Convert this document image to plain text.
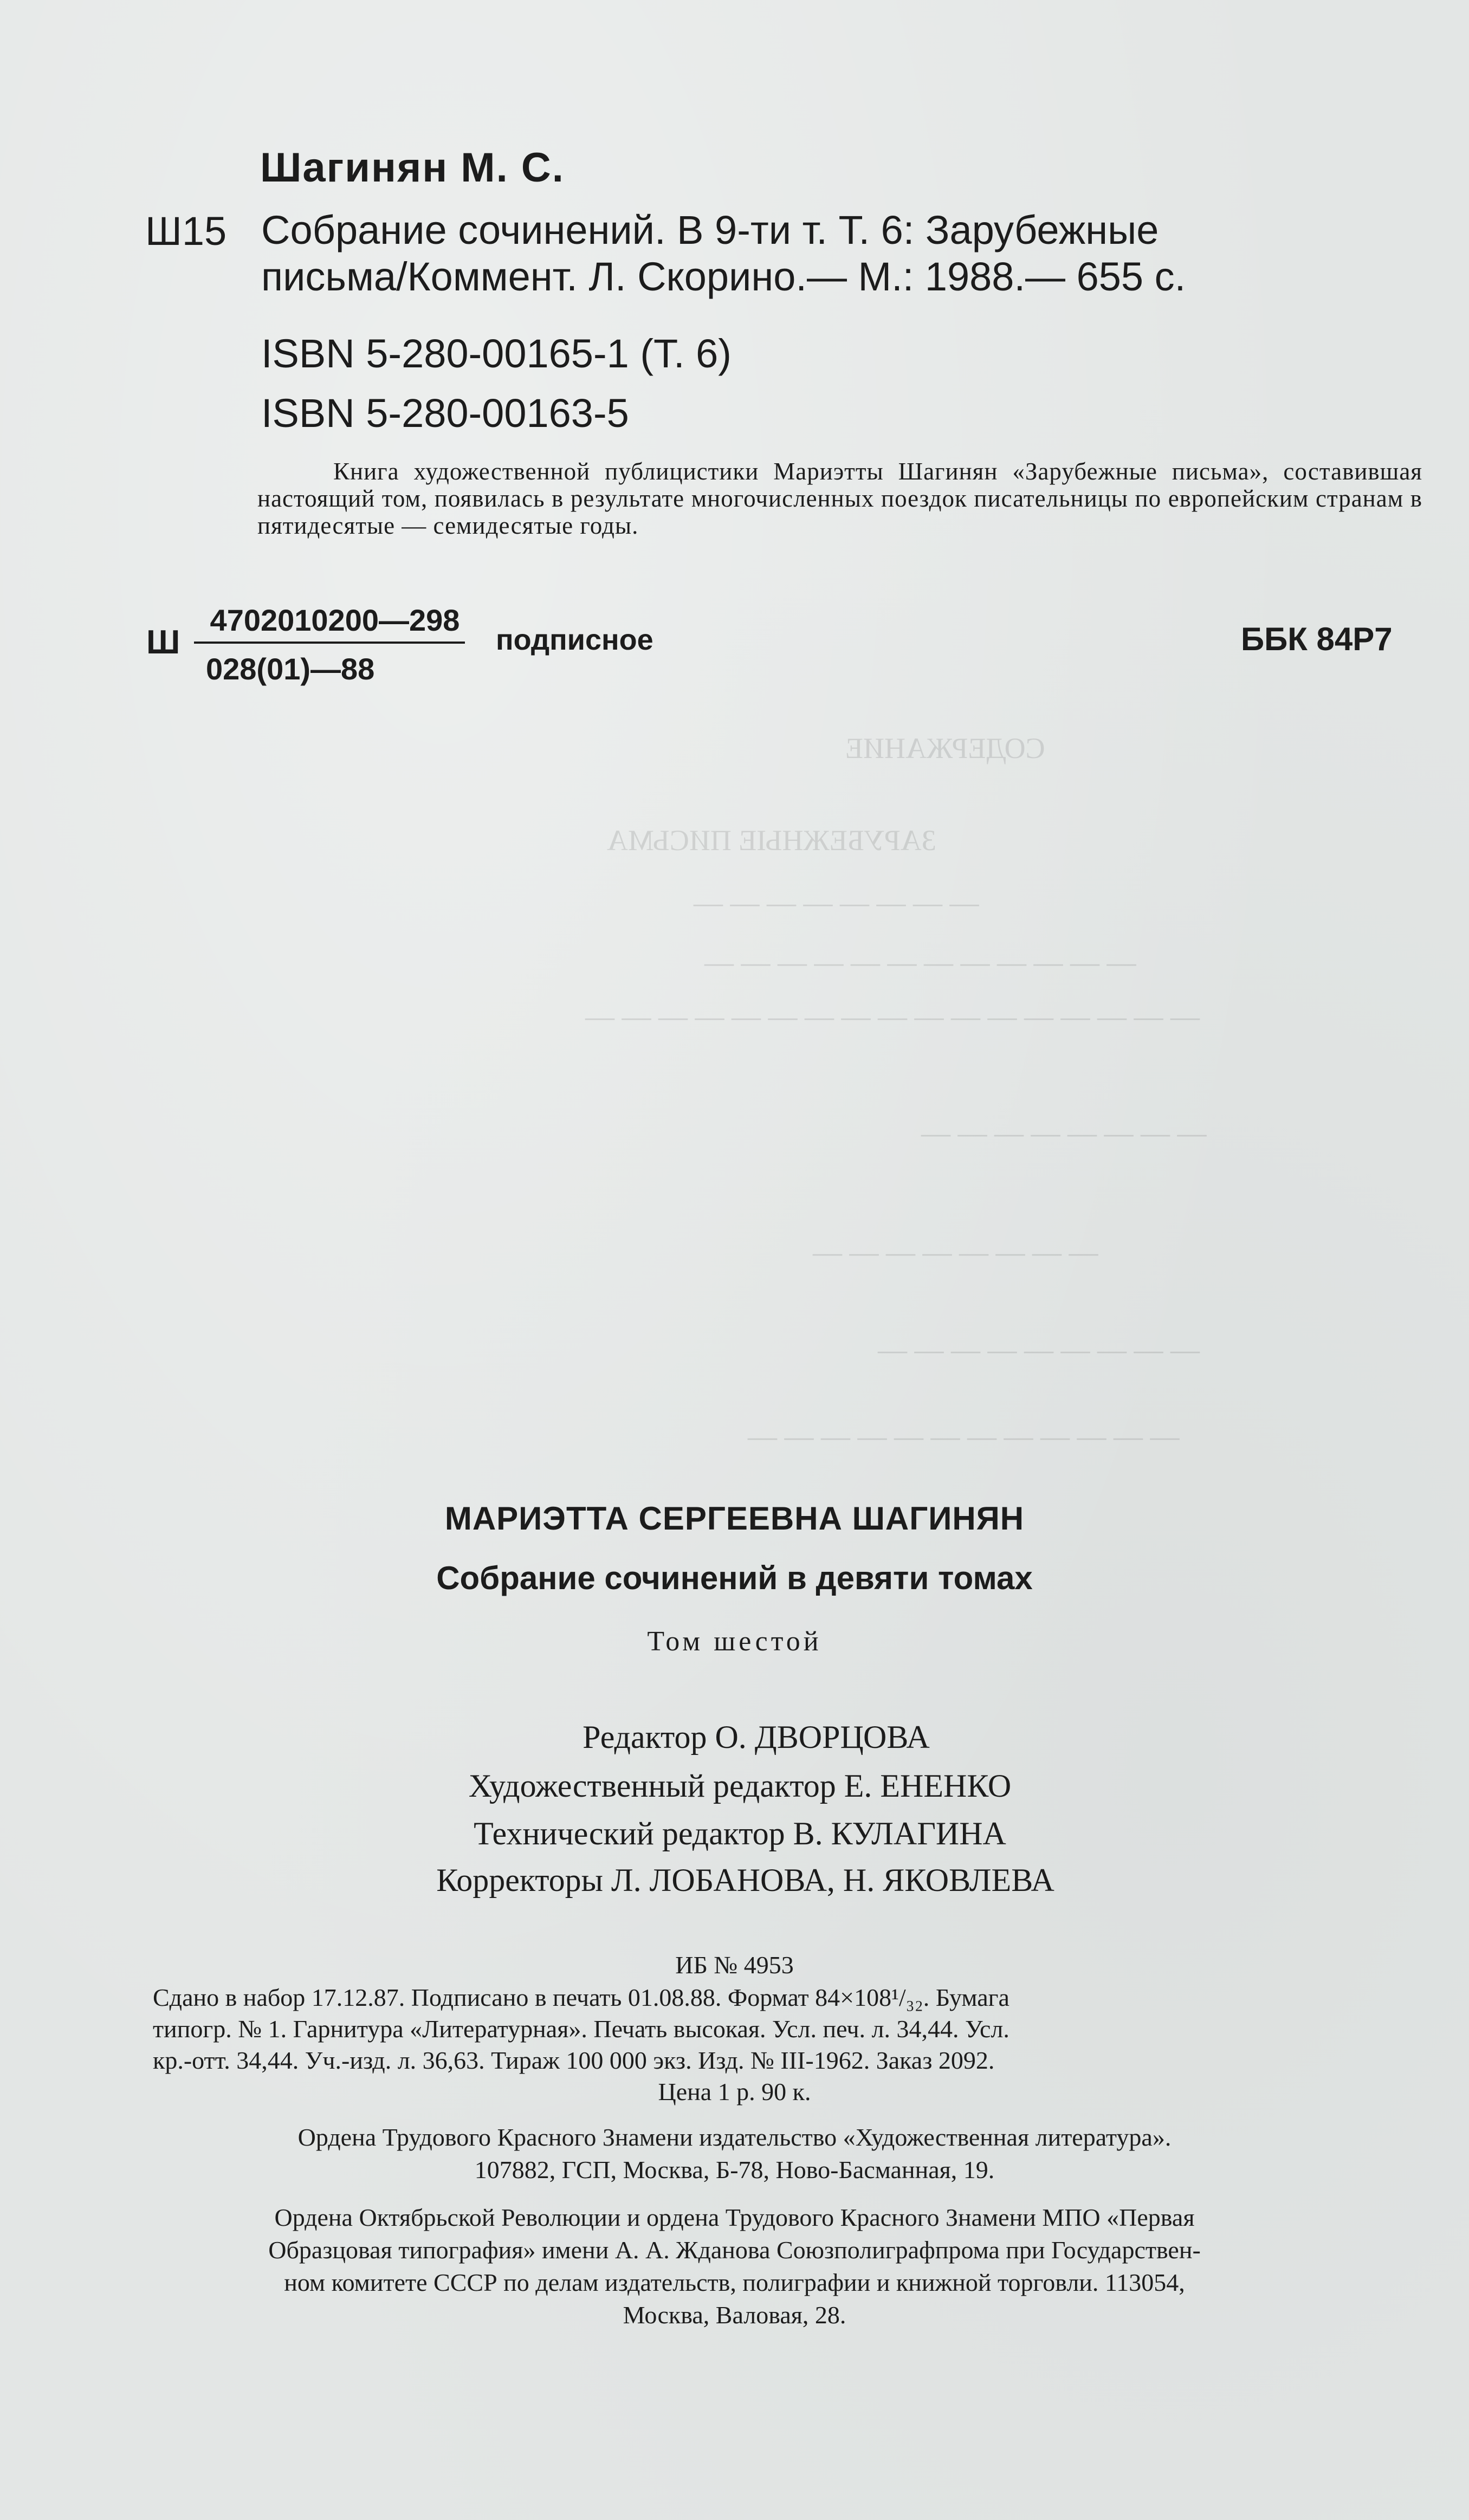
СОДЕРЖАНИЕ
ЗАРУБЕЖНЫЕ ПИСЬМА
— — — — — — — —
— — — — — — — — — — — —
— — — — — — — — — — — — — — — — —
— — — — — — — —
— — — — — — — —
— — — — — — — — —
— — — — — — — — — — — —
Шагинян М. С.
Ш15 Собрание сочинений. В 9-ти т. Т. 6: Зарубежные
письма/Коммент. Л. Скорино.— М.: 1988.— 655 с.
ISBN 5-280-00165-1 (Т. 6)
ISBN 5-280-00163-5
Книга художественной публицистики Мариэтты Шагинян «Зарубежные письма», составившая настоящий том, появилась в результате многочисленных поездок писательницы по европейским странам в пятидесятые — семидесятые годы.
Ш
4702010200—298
028(01)—88
подписное	ББК 84Р7
МАРИЭТТА СЕРГЕЕВНА ШАГИНЯН
Собрание сочинений в девяти томах
Том шестой
Редактор О. ДВОРЦОВА
Художественный редактор Е. ЕНЕНКО
Технический редактор В. КУЛАГИНА
Корректоры Л. ЛОБАНОВА, Н. ЯКОВЛЕВА
ИБ № 4953
Сдано в набор 17.12.87. Подписано в печать 01.08.88. Формат 84×108¹/₃₂. Бумага
типогр. № 1. Гарнитура «Литературная». Печать высокая. Усл. печ. л. 34,44. Усл.
кр.-отт. 34,44. Уч.-изд. л. 36,63. Тираж 100 000 экз. Изд. № III-1962. Заказ 2092.
Цена 1 р. 90 к.
Ордена Трудового Красного Знамени издательство «Художественная литература».
107882, ГСП, Москва, Б-78, Ново-Басманная, 19.
Ордена Октябрьской Революции и ордена Трудового Красного Знамени МПО «Первая
Образцовая типография» имени А. А. Жданова Союзполиграфпрома при Государствен-
ном комитете СССР по делам издательств, полиграфии и книжной торговли. 113054,
Москва, Валовая, 28.
